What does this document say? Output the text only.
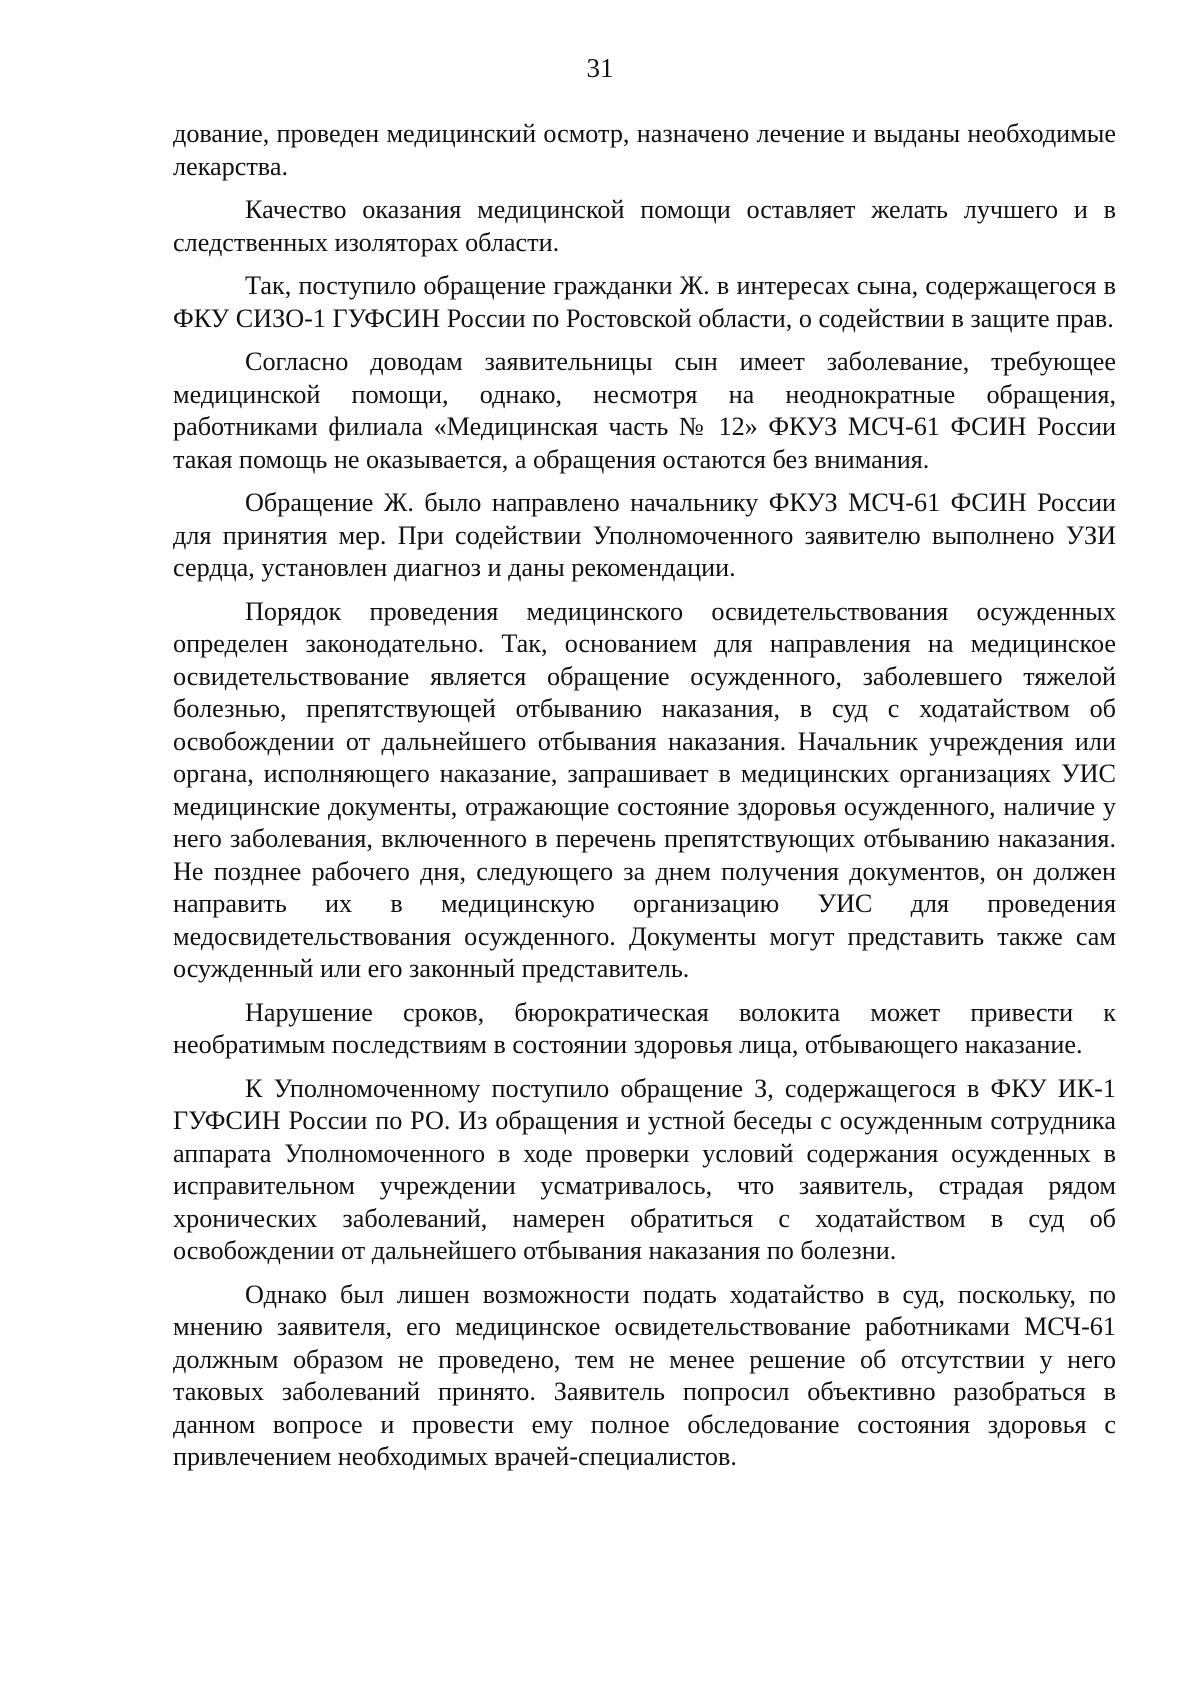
31

дование, проведен медицинский осмотр, назначено лечение и выданы необходимые лекарства.

Качество оказания медицинской помощи оставляет желать лучшего и в следственных изоляторах области.

Так, поступило обращение гражданки Ж. в интересах сына, содержащегося в ФКУ СИЗО-1 ГУФСИН России по Ростовской области, о содействии в защите прав.

Согласно доводам заявительницы сын имеет заболевание, требующее медицинской помощи, однако, несмотря на неоднократные обращения, работниками филиала «Медицинская часть № 12» ФКУЗ МСЧ-61 ФСИН России такая помощь не оказывается, а обращения остаются без внимания.

Обращение Ж. было направлено начальнику ФКУЗ МСЧ-61 ФСИН России для принятия мер. При содействии Уполномоченного заявителю выполнено УЗИ сердца, установлен диагноз и даны рекомендации.

Порядок проведения медицинского освидетельствования осужденных определен законодательно. Так, основанием для направления на медицинское освидетельствование является обращение осужденного, заболевшего тяжелой болезнью, препятствующей отбыванию наказания, в суд с ходатайством об освобождении от дальнейшего отбывания наказания. Начальник учреждения или органа, исполняющего наказание, запрашивает в медицинских организациях УИС медицинские документы, отражающие состояние здоровья осужденного, наличие у него заболевания, включенного в перечень препятствующих отбыванию наказания. Не позднее рабочего дня, следующего за днем получения документов, он должен направить их в медицинскую организацию УИС для проведения медосвидетельствования осужденного. Документы могут представить также сам осужденный или его законный представитель.

Нарушение сроков, бюрократическая волокита может привести к необратимым последствиям в состоянии здоровья лица, отбывающего наказание.

К Уполномоченному поступило обращение З, содержащегося в ФКУ ИК-1 ГУФСИН России по РО. Из обращения и устной беседы с осужденным сотрудника аппарата Уполномоченного в ходе проверки условий содержания осужденных в исправительном учреждении усматривалось, что заявитель, страдая рядом хронических заболеваний, намерен обратиться с ходатайством в суд об освобождении от дальнейшего отбывания наказания по болезни.

Однако был лишен возможности подать ходатайство в суд, поскольку, по мнению заявителя, его медицинское освидетельствование работниками МСЧ-61 должным образом не проведено, тем не менее решение об отсутствии у него таковых заболеваний принято. Заявитель попросил объективно разобраться в данном вопросе и провести ему полное обследование состояния здоровья с привлечением необходимых врачей-специалистов.
